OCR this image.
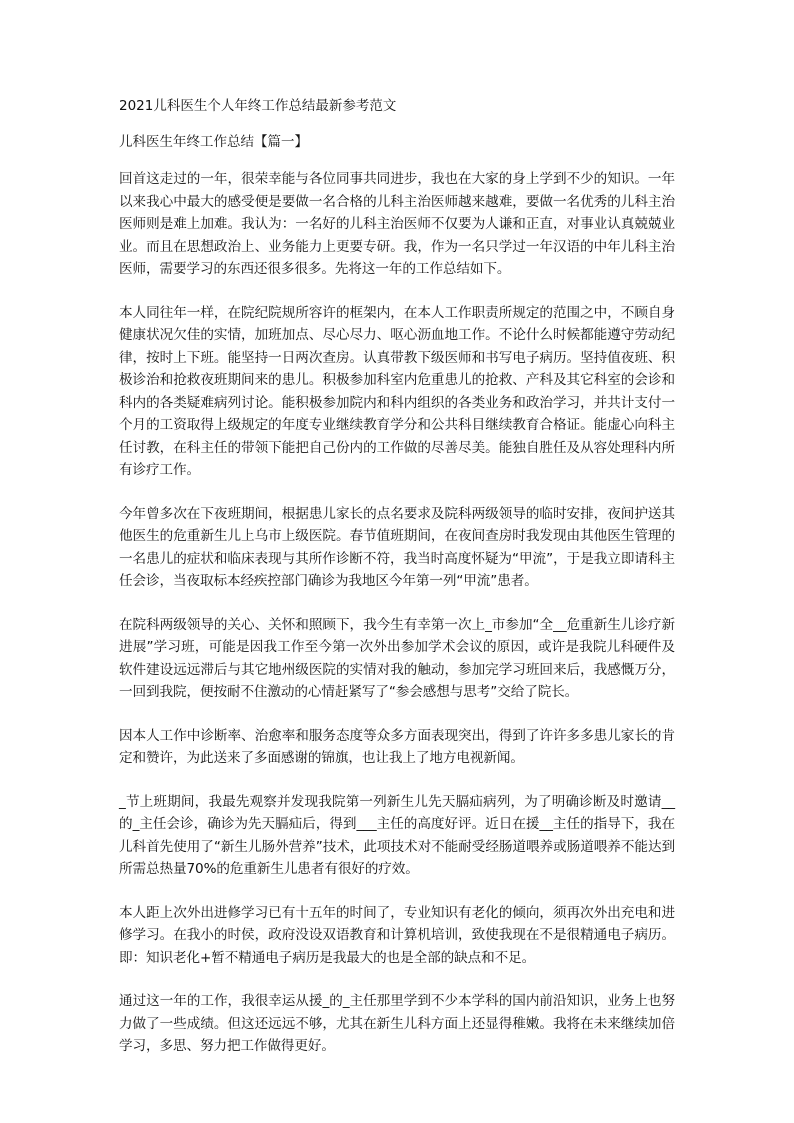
2021儿科医生个人年终工作总结最新参考范文
儿科医生年终工作总结【篇一】

回首这走过的一年，很荣幸能与各位同事共同进步，我也在大家的身上学到不少的知识。一年以来我心中最大的感受便是要做一名合格的儿科主治医师越来越难，要做一名优秀的儿科主治医师则是难上加难。我认为：一名好的儿科主治医师不仅要为人谦和正直，对事业认真兢兢业业。而且在思想政治上、业务能力上更要专研。我，作为一名只学过一年汉语的中年儿科主治医师，需要学习的东西还很多很多。先将这一年的工作总结如下。

本人同往年一样，在院纪院规所容许的框架内，在本人工作职责所规定的范围之中，不顾自身健康状况欠佳的实情，加班加点、尽心尽力、呕心沥血地工作。不论什么时候都能遵守劳动纪律，按时上下班。能坚持一日两次查房。认真带教下级医师和书写电子病历。坚持值夜班、积极诊治和抢救夜班期间来的患儿。积极参加科室内危重患儿的抢救、产科及其它科室的会诊和科内的各类疑难病列讨论。能积极参加院内和科内组织的各类业务和政治学习，并共计支付一个月的工资取得上级规定的年度专业继续教育学分和公共科目继续教育合格证。能虚心向科主任讨教，在科主任的带领下能把自己份内的工作做的尽善尽美。能独自胜任及从容处理科内所有诊疗工作。

今年曾多次在下夜班期间，根据患儿家长的点名要求及院科两级领导的临时安排，夜间护送其他医生的危重新生儿上乌市上级医院。春节值班期间，在夜间查房时我发现由其他医生管理的一名患儿的症状和临床表现与其所作诊断不符，我当时高度怀疑为“甲流”，于是我立即请科主任会诊，当夜取标本经疾控部门确诊为我地区今年第一列“甲流”患者。

在院科两级领导的关心、关怀和照顾下，我今生有幸第一次上_市参加“全__危重新生儿诊疗新进展”学习班，可能是因我工作至今第一次外出参加学术会议的原因，或许是我院儿科硬件及软件建设远远滞后与其它地州级医院的实情对我的触动，参加完学习班回来后，我感慨万分，一回到我院，便按耐不住激动的心情赶紧写了“参会感想与思考”交给了院长。

因本人工作中诊断率、治愈率和服务态度等众多方面表现突出，得到了许许多多患儿家长的肯定和赞许，为此送来了多面感谢的锦旗，也让我上了地方电视新闻。

_节上班期间，我最先观察并发现我院第一列新生儿先天膈疝病列，为了明确诊断及时邀请__的_主任会诊，确诊为先天膈疝后，得到___主任的高度好评。近日在援__主任的指导下，我在儿科首先使用了“新生儿肠外营养”技术，此项技术对不能耐受经肠道喂养或肠道喂养不能达到所需总热量70%的危重新生儿患者有很好的疗效。

本人距上次外出进修学习已有十五年的时间了，专业知识有老化的倾向，须再次外出充电和进修学习。在我小的时侯，政府没设双语教育和计算机培训，致使我现在不是很精通电子病历。即：知识老化+暂不精通电子病历是我最大的也是全部的缺点和不足。

通过这一年的工作，我很幸运从援_的_主任那里学到不少本学科的国内前沿知识，业务上也努力做了一些成绩。但这还远远不够，尤其在新生儿科方面上还显得稚嫩。我将在未来继续加倍学习，多思、努力把工作做得更好。
